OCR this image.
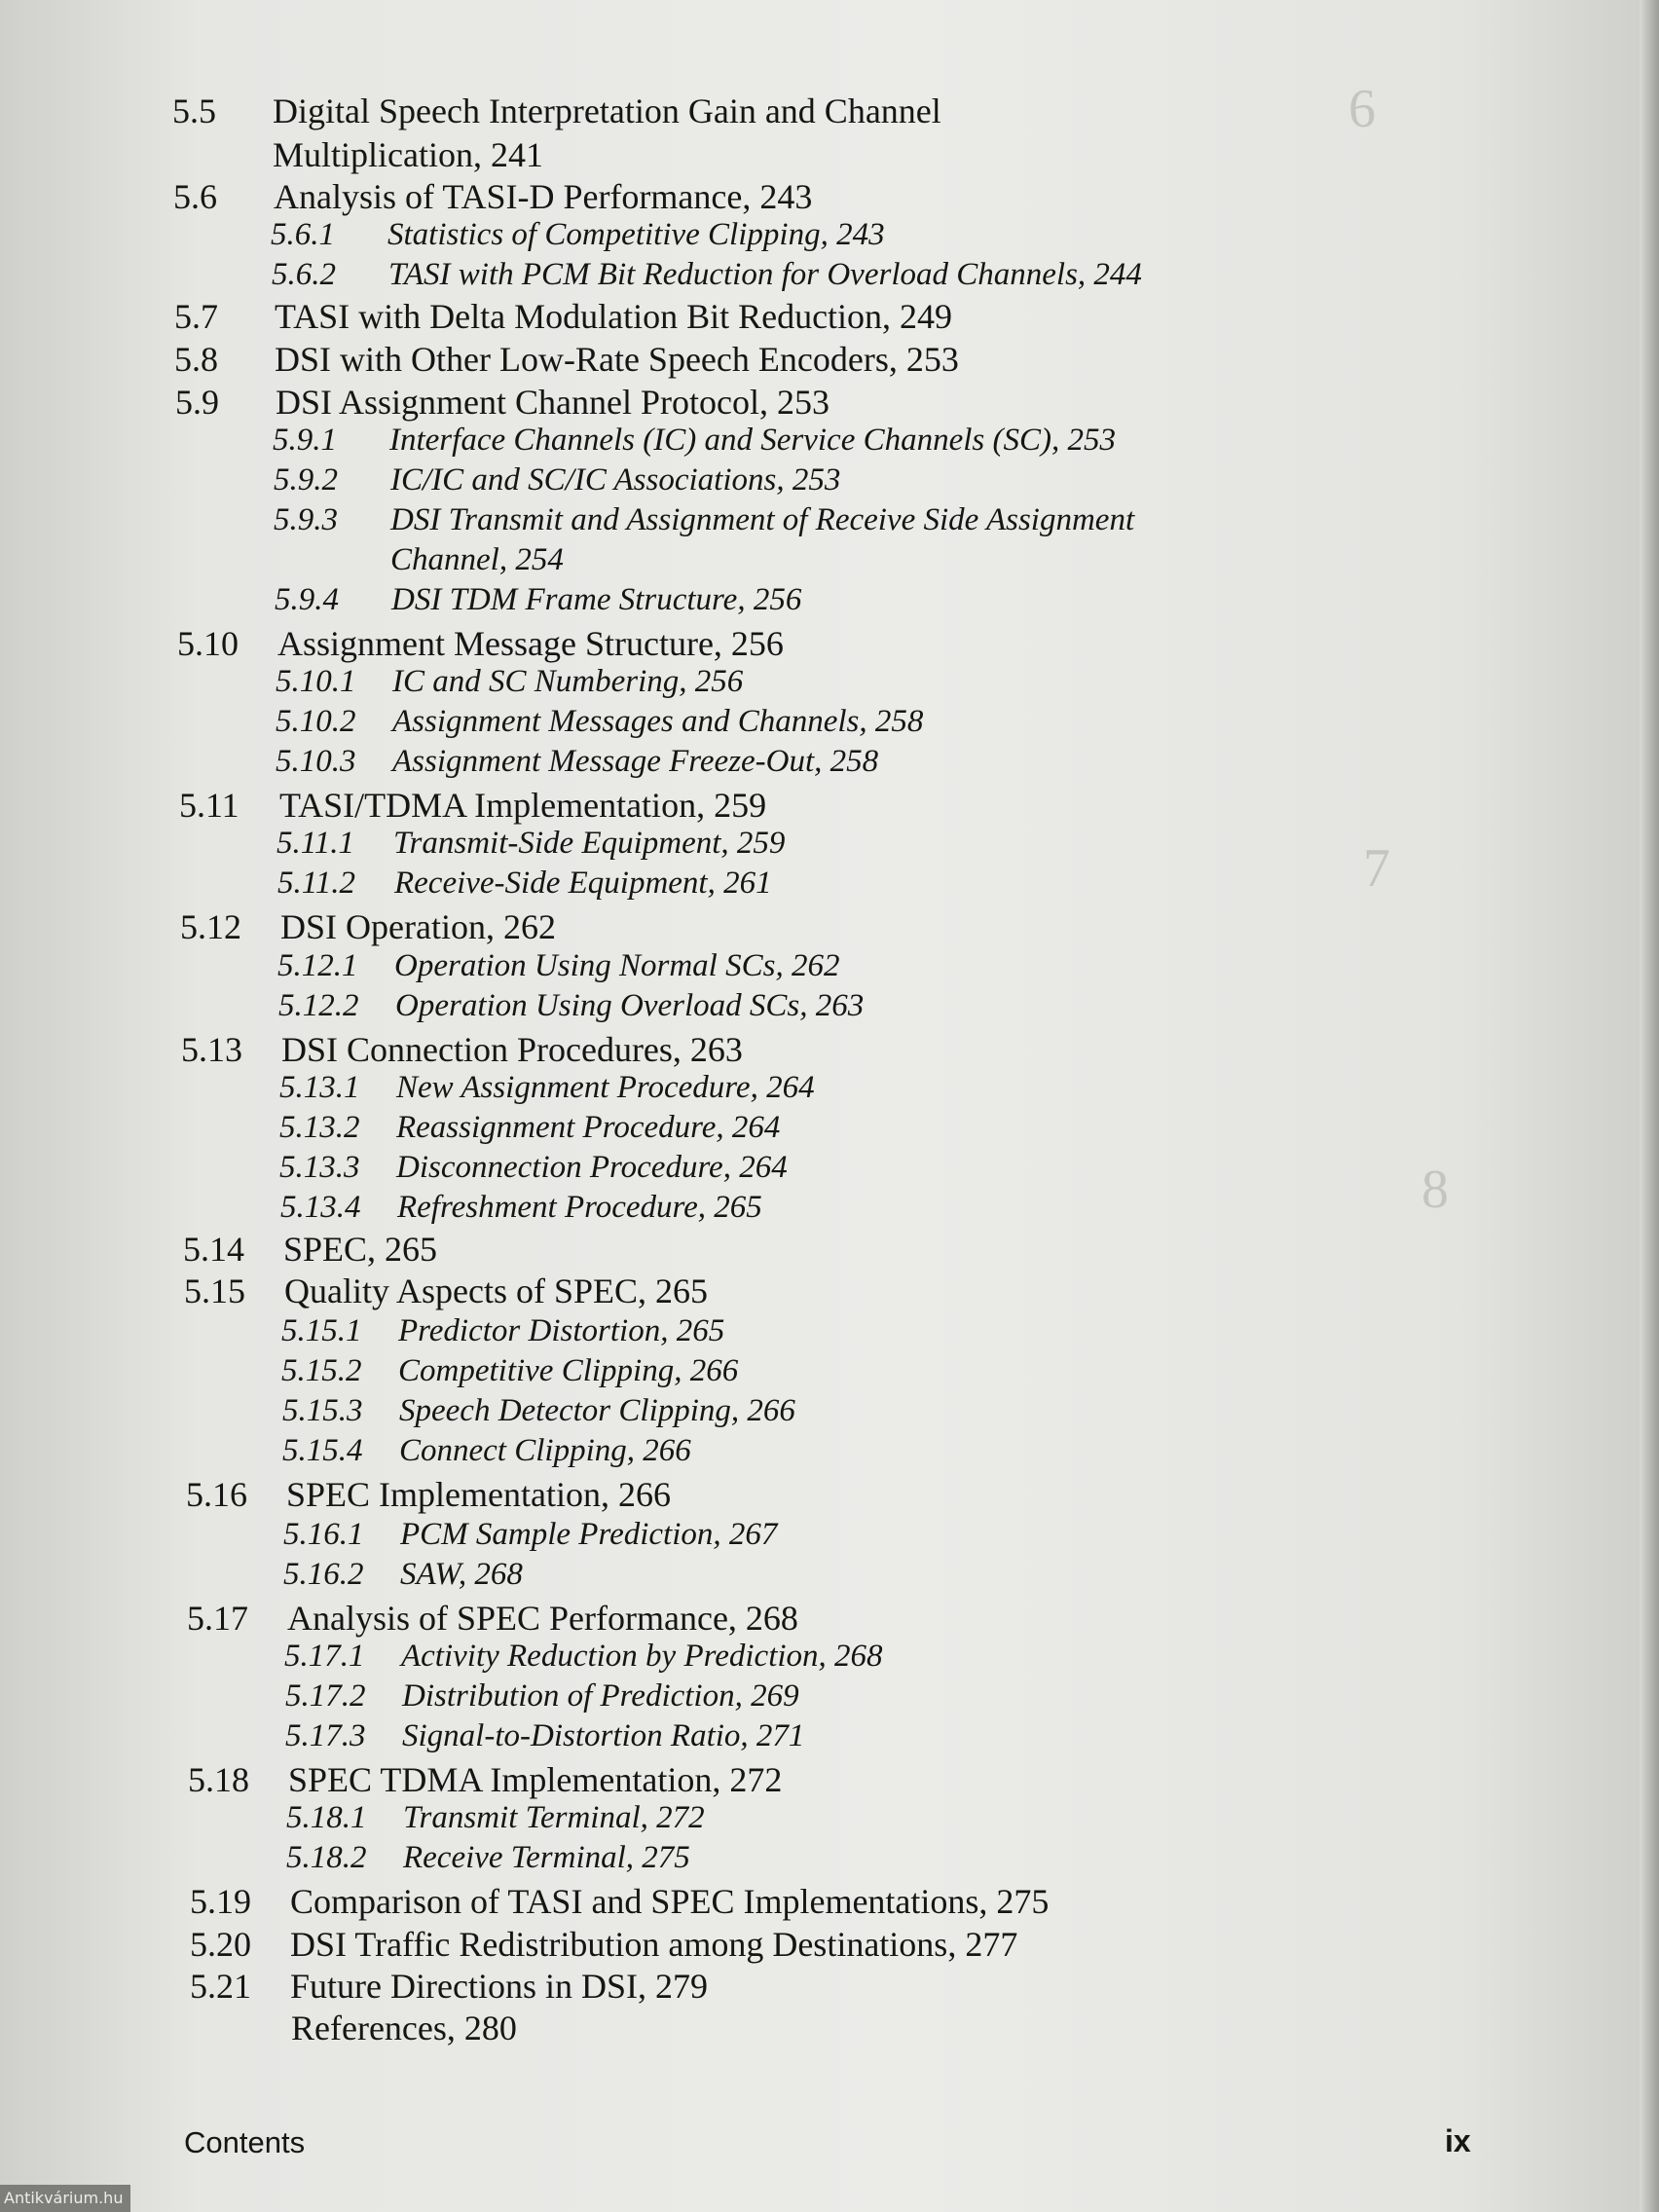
6
7
8
5.5 Digital Speech Interpretation Gain and Channel
Multiplication, 241
5.6 Analysis of TASI-D Performance, 243
5.6.1 Statistics of Competitive Clipping, 243
5.6.2 TASI with PCM Bit Reduction for Overload Channels, 244
5.7 TASI with Delta Modulation Bit Reduction, 249
5.8 DSI with Other Low-Rate Speech Encoders, 253
5.9 DSI Assignment Channel Protocol, 253
5.9.1 Interface Channels (IC) and Service Channels (SC), 253
5.9.2 IC/IC and SC/IC Associations, 253
5.9.3 DSI Transmit and Assignment of Receive Side Assignment
Channel, 254
5.9.4 DSI TDM Frame Structure, 256
5.10 Assignment Message Structure, 256
5.10.1 IC and SC Numbering, 256
5.10.2 Assignment Messages and Channels, 258
5.10.3 Assignment Message Freeze-Out, 258
5.11 TASI/TDMA Implementation, 259
5.11.1 Transmit-Side Equipment, 259
5.11.2 Receive-Side Equipment, 261
5.12 DSI Operation, 262
5.12.1 Operation Using Normal SCs, 262
5.12.2 Operation Using Overload SCs, 263
5.13 DSI Connection Procedures, 263
5.13.1 New Assignment Procedure, 264
5.13.2 Reassignment Procedure, 264
5.13.3 Disconnection Procedure, 264
5.13.4 Refreshment Procedure, 265
5.14 SPEC, 265
5.15 Quality Aspects of SPEC, 265
5.15.1 Predictor Distortion, 265
5.15.2 Competitive Clipping, 266
5.15.3 Speech Detector Clipping, 266
5.15.4 Connect Clipping, 266
5.16 SPEC Implementation, 266
5.16.1 PCM Sample Prediction, 267
5.16.2 SAW, 268
5.17 Analysis of SPEC Performance, 268
5.17.1 Activity Reduction by Prediction, 268
5.17.2 Distribution of Prediction, 269
5.17.3 Signal-to-Distortion Ratio, 271
5.18 SPEC TDMA Implementation, 272
5.18.1 Transmit Terminal, 272
5.18.2 Receive Terminal, 275
5.19 Comparison of TASI and SPEC Implementations, 275
5.20 DSI Traffic Redistribution among Destinations, 277
5.21 Future Directions in DSI, 279
References, 280
Contents	ix
Antikvárium.hu
